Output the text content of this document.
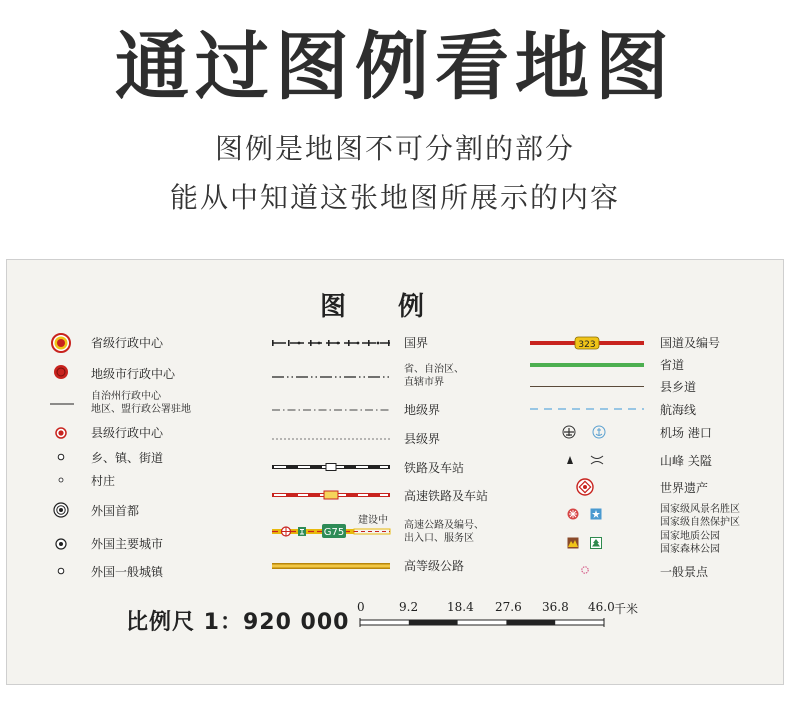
通过图例看地图
图例是地图不可分割的部分
能从中知道这张地图所展示的内容
图 例
省级行政中心
地级市行政中心
自治州行政中心
地区、盟行政公署驻地
县级行政中心
乡、镇、街道
村庄
外国首都
外国主要城市
外国一般城镇
国界
省、自治区、
直辖市界
地级界
县级界
铁路及车站
高速铁路及车站
G75
建设中 高速公路及编号、
出入口、服务区
高等级公路
323	国道及编号
省道
县乡道
航海线
机场 港口
山峰 关隘
世界遗产
国家级风景名胜区
国家级自然保护区
国家地质公园
国家森林公园
一般景点
比例尺 1：920 000
0	9.2 18.4 27.6 36.8 46.0 千米
